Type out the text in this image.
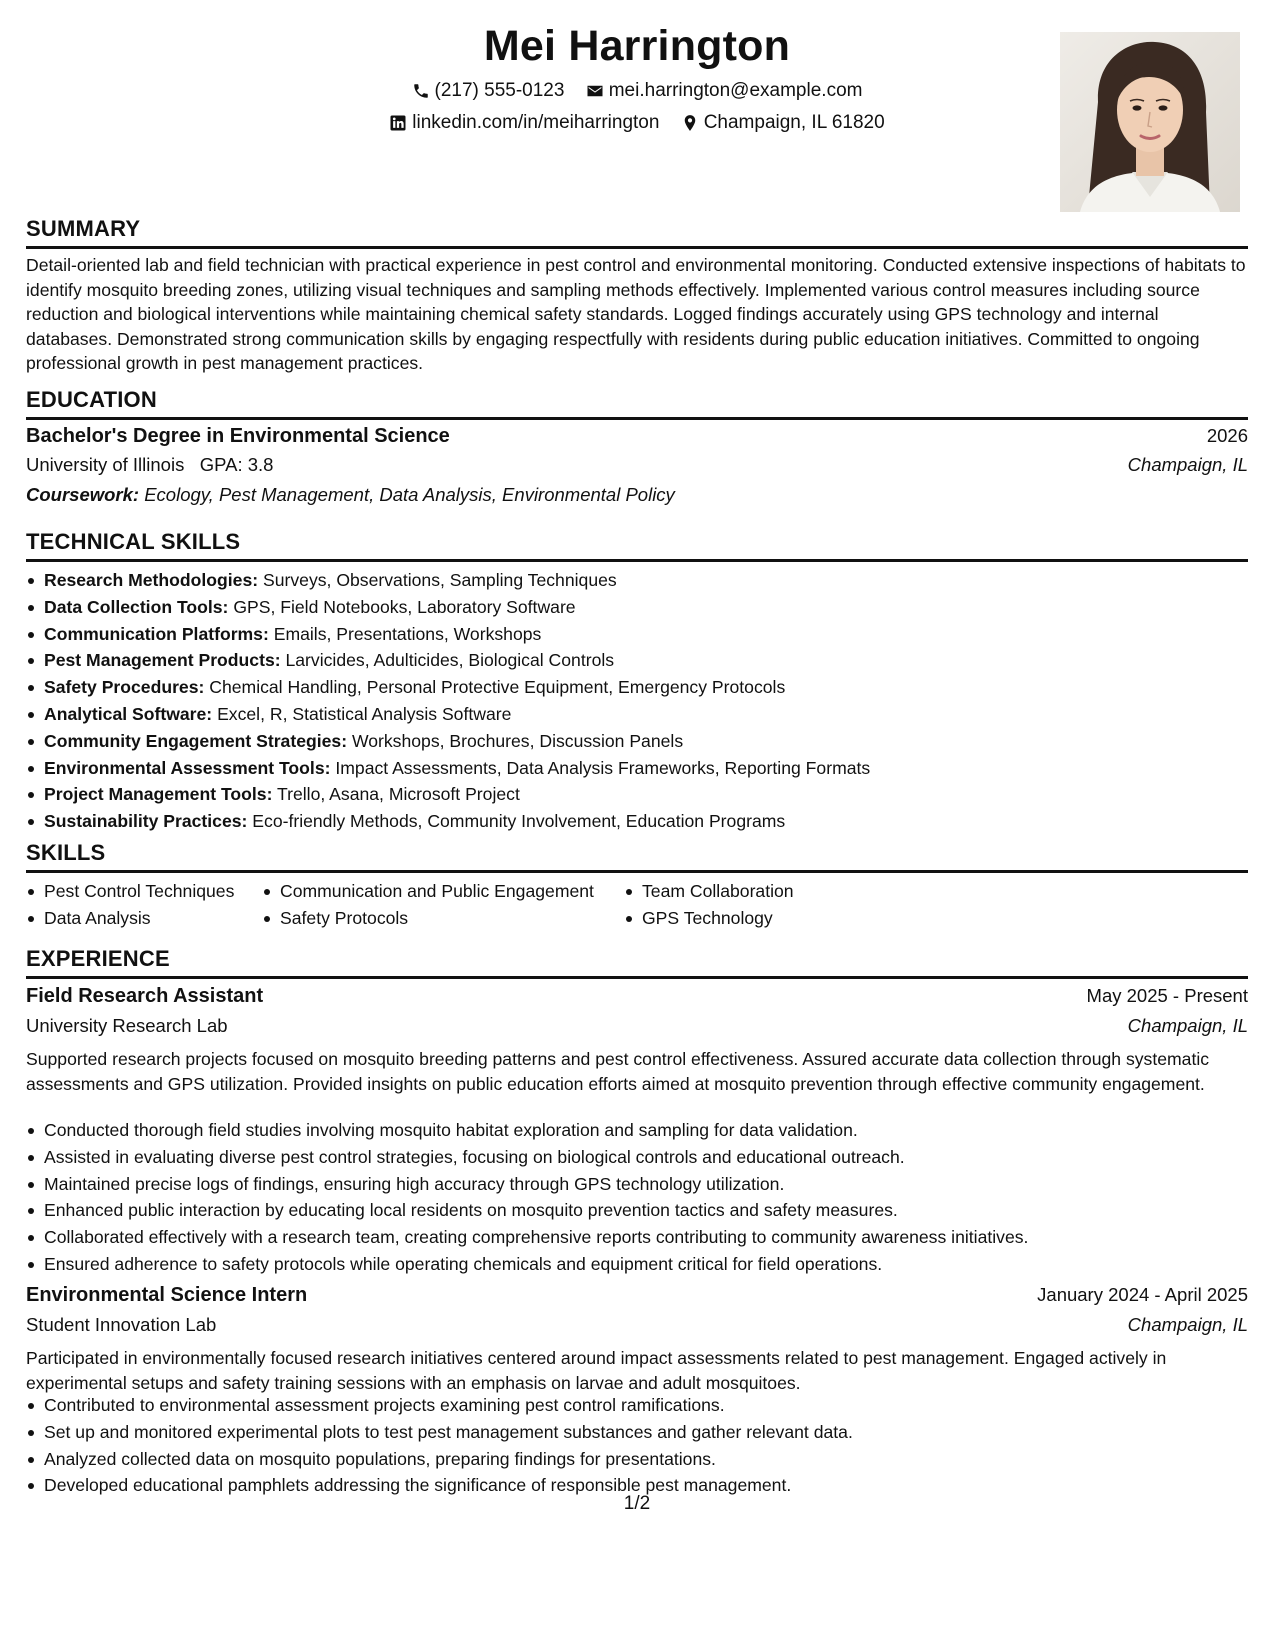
Mei Harrington
(217) 555-0123
mei.harrington@example.com
linkedin.com/in/meiharrington
Champaign, IL 61820
SUMMARY
Detail-oriented lab and field technician with practical experience in pest control and environmental monitoring. Conducted extensive inspections of habitats to identify mosquito breeding zones, utilizing visual techniques and sampling methods effectively. Implemented various control measures including source reduction and biological interventions while maintaining chemical safety standards. Logged findings accurately using GPS technology and internal databases. Demonstrated strong communication skills by engaging respectfully with residents during public education initiatives. Committed to ongoing professional growth in pest management practices.
EDUCATION
Bachelor's Degree in Environmental Science	2026
University of Illinois GPA: 3.8	Champaign, IL
Coursework: Ecology, Pest Management, Data Analysis, Environmental Policy
TECHNICAL SKILLS
Research Methodologies: Surveys, Observations, Sampling Techniques
Data Collection Tools: GPS, Field Notebooks, Laboratory Software
Communication Platforms: Emails, Presentations, Workshops
Pest Management Products: Larvicides, Adulticides, Biological Controls
Safety Procedures: Chemical Handling, Personal Protective Equipment, Emergency Protocols
Analytical Software: Excel, R, Statistical Analysis Software
Community Engagement Strategies: Workshops, Brochures, Discussion Panels
Environmental Assessment Tools: Impact Assessments, Data Analysis Frameworks, Reporting Formats
Project Management Tools: Trello, Asana, Microsoft Project
Sustainability Practices: Eco-friendly Methods, Community Involvement, Education Programs
SKILLS
Pest Control Techniques
Data Analysis
Communication and Public Engagement
Safety Protocols
Team Collaboration
GPS Technology
EXPERIENCE
Field Research Assistant	May 2025 - Present
University Research Lab	Champaign, IL
Supported research projects focused on mosquito breeding patterns and pest control effectiveness. Assured accurate data collection through systematic assessments and GPS utilization. Provided insights on public education efforts aimed at mosquito prevention through effective community engagement.
Conducted thorough field studies involving mosquito habitat exploration and sampling for data validation.
Assisted in evaluating diverse pest control strategies, focusing on biological controls and educational outreach.
Maintained precise logs of findings, ensuring high accuracy through GPS technology utilization.
Enhanced public interaction by educating local residents on mosquito prevention tactics and safety measures.
Collaborated effectively with a research team, creating comprehensive reports contributing to community awareness initiatives.
Ensured adherence to safety protocols while operating chemicals and equipment critical for field operations.
Environmental Science Intern	January 2024 - April 2025
Student Innovation Lab	Champaign, IL
Participated in environmentally focused research initiatives centered around impact assessments related to pest management. Engaged actively in experimental setups and safety training sessions with an emphasis on larvae and adult mosquitoes.
Contributed to environmental assessment projects examining pest control ramifications.
Set up and monitored experimental plots to test pest management substances and gather relevant data.
Analyzed collected data on mosquito populations, preparing findings for presentations.
Developed educational pamphlets addressing the significance of responsible pest management.
1/2
